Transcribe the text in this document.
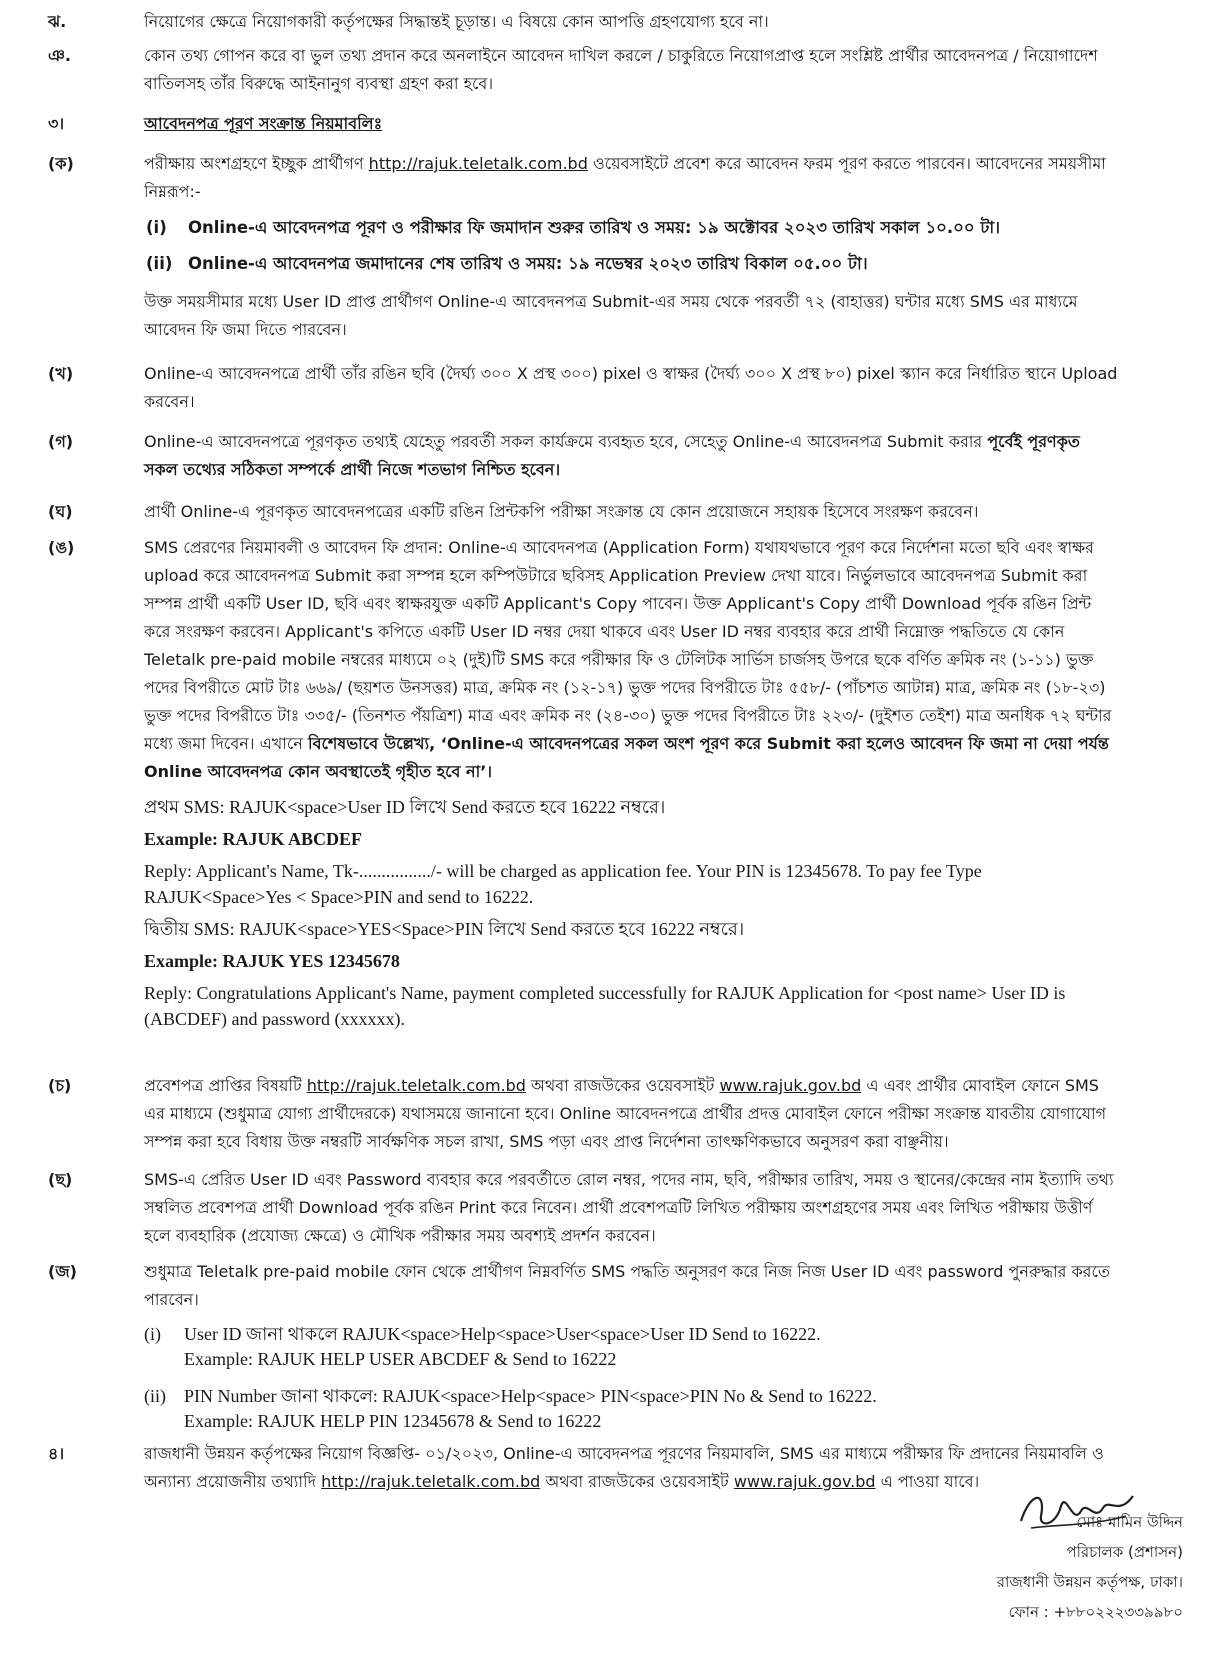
ঝ.	নিয়োগের ক্ষেত্রে নিয়োগকারী কর্তৃপক্ষের সিদ্ধান্তই চূড়ান্ত। এ বিষয়ে কোন আপত্তি গ্রহণযোগ্য হবে না।
ঞ.	কোন তথ্য গোপন করে বা ভুল তথ্য প্রদান করে অনলাইনে আবেদন দাখিল করলে / চাকুরিতে নিয়োগপ্রাপ্ত হলে সংশ্লিষ্ট প্রার্থীর আবেদনপত্র / নিয়োগাদেশ বাতিলসহ তাঁর বিরুদ্ধে আইনানুগ ব্যবস্থা গ্রহণ করা হবে।
৩।	আবেদনপত্র পূরণ সংক্রান্ত নিয়মাবলিঃ
(ক)	পরীক্ষায় অংশগ্রহণে ইচ্ছুক প্রার্থীগণ http://rajuk.teletalk.com.bd ওয়েবসাইটে প্রবেশ করে আবেদন ফরম পূরণ করতে পারবেন। আবেদনের সময়সীমা নিম্নরূপ:-
(i) Online-এ আবেদনপত্র পূরণ ও পরীক্ষার ফি জমাদান শুরুর তারিখ ও সময়: ১৯ অক্টোবর ২০২৩ তারিখ সকাল ১০.০০ টা।
(ii) Online-এ আবেদনপত্র জমাদানের শেষ তারিখ ও সময়: ১৯ নভেম্বর ২০২৩ তারিখ বিকাল ০৫.০০ টা।
উক্ত সময়সীমার মধ্যে User ID প্রাপ্ত প্রার্থীগণ Online-এ আবেদনপত্র Submit-এর সময় থেকে পরবর্তী ৭২ (বাহাত্তর) ঘন্টার মধ্যে SMS এর মাধ্যমে আবেদন ফি জমা দিতে পারবেন।
(খ)	Online-এ আবেদনপত্রে প্রার্থী তাঁর রঙিন ছবি (দৈর্ঘ্য ৩০০ X প্রস্থ ৩০০) pixel ও স্বাক্ষর (দৈর্ঘ্য ৩০০ X প্রস্থ ৮০) pixel স্ক্যান করে নির্ধারিত স্থানে Upload করবেন।
(গ)	Online-এ আবেদনপত্রে পূরণকৃত তথ্যই যেহেতু পরবর্তী সকল কার্যক্রমে ব্যবহৃত হবে, সেহেতু Online-এ আবেদনপত্র Submit করার পূর্বেই পূরণকৃত সকল তথ্যের সঠিকতা সম্পর্কে প্রার্থী নিজে শতভাগ নিশ্চিত হবেন।
(ঘ)	প্রার্থী Online-এ পূরণকৃত আবেদনপত্রের একটি রঙিন প্রিন্টকপি পরীক্ষা সংক্রান্ত যে কোন প্রয়োজনে সহায়ক হিসেবে সংরক্ষণ করবেন।
(ঙ)	SMS প্রেরণের নিয়মাবলী ও আবেদন ফি প্রদান: Online-এ আবেদনপত্র (Application Form) যথাযথভাবে পূরণ করে নির্দেশনা মতো ছবি এবং স্বাক্ষর upload করে আবেদনপত্র Submit করা সম্পন্ন হলে কম্পিউটারে ছবিসহ Application Preview দেখা যাবে। নির্ভুলভাবে আবেদনপত্র Submit করা সম্পন্ন প্রার্থী একটি User ID, ছবি এবং স্বাক্ষরযুক্ত একটি Applicant's Copy পাবেন। উক্ত Applicant's Copy প্রার্থী Download পূর্বক রঙিন প্রিন্ট করে সংরক্ষণ করবেন। Applicant's কপিতে একটি User ID নম্বর দেয়া থাকবে এবং User ID নম্বর ব্যবহার করে প্রার্থী নিম্নোক্ত পদ্ধতিতে যে কোন Teletalk pre-paid mobile নম্বরের মাধ্যমে ০২ (দুই)টি SMS করে পরীক্ষার ফি ও টেলিটক সার্ভিস চার্জসহ উপরে ছকে বর্ণিত ক্রমিক নং (১-১১) ভুক্ত পদের বিপরীতে মোট টাঃ ৬৬৯/ (ছয়শত উনসত্তর) মাত্র, ক্রমিক নং (১২-১৭) ভুক্ত পদের বিপরীতে টাঃ ৫৫৮/- (পাঁচশত আটান্ন) মাত্র, ক্রমিক নং (১৮-২৩) ভুক্ত পদের বিপরীতে টাঃ ৩৩৫/- (তিনশত পঁয়ত্রিশ) মাত্র এবং ক্রমিক নং (২৪-৩০) ভুক্ত পদের বিপরীতে টাঃ ২২৩/- (দুইশত তেইশ) মাত্র অনধিক ৭২ ঘন্টার মধ্যে জমা দিবেন। এখানে বিশেষভাবে উল্লেখ্য, ‘Online-এ আবেদনপত্রের সকল অংশ পূরণ করে Submit করা হলেও আবেদন ফি জমা না দেয়া পর্যন্ত Online আবেদনপত্র কোন অবস্থাতেই গৃহীত হবে না’।

প্রথম SMS: RAJUK<space>User ID লিখে Send করতে হবে 16222 নম্বরে।

Example: RAJUK ABCDEF

Reply: Applicant's Name, Tk-................/- will be charged as application fee. Your PIN is 12345678. To pay fee Type RAJUK<Space>Yes < Space>PIN and send to 16222.

দ্বিতীয় SMS: RAJUK<space>YES<Space>PIN লিখে Send করতে হবে 16222 নম্বরে।

Example: RAJUK YES 12345678

Reply: Congratulations Applicant's Name, payment completed successfully for RAJUK Application for <post name> User ID is (ABCDEF) and password (xxxxxx).

(চ)	প্রবেশপত্র প্রাপ্তির বিষয়টি http://rajuk.teletalk.com.bd অথবা রাজউকের ওয়েবসাইট www.rajuk.gov.bd এ এবং প্রার্থীর মোবাইল ফোনে SMS এর মাধ্যমে (শুধুমাত্র যোগ্য প্রার্থীদেরকে) যথাসময়ে জানানো হবে। Online আবেদনপত্রে প্রার্থীর প্রদত্ত মোবাইল ফোনে পরীক্ষা সংক্রান্ত যাবতীয় যোগাযোগ সম্পন্ন করা হবে বিধায় উক্ত নম্বরটি সার্বক্ষণিক সচল রাখা, SMS পড়া এবং প্রাপ্ত নির্দেশনা তাৎক্ষণিকভাবে অনুসরণ করা বাঞ্ছনীয়।
(ছ)	SMS-এ প্রেরিত User ID এবং Password ব্যবহার করে পরবর্তীতে রোল নম্বর, পদের নাম, ছবি, পরীক্ষার তারিখ, সময় ও স্থানের/কেন্দ্রের নাম ইত্যাদি তথ্য সম্বলিত প্রবেশপত্র প্রার্থী Download পূর্বক রঙিন Print করে নিবেন। প্রার্থী প্রবেশপত্রটি লিখিত পরীক্ষায় অংশগ্রহণের সময় এবং লিখিত পরীক্ষায় উত্তীর্ণ হলে ব্যবহারিক (প্রযোজ্য ক্ষেত্রে) ও মৌখিক পরীক্ষার সময় অবশ্যই প্রদর্শন করবেন।
(জ)	শুধুমাত্র Teletalk pre-paid mobile ফোন থেকে প্রার্থীগণ নিম্নবর্ণিত SMS পদ্ধতি অনুসরণ করে নিজ নিজ User ID এবং password পুনরুদ্ধার করতে পারবেন।
(i) User ID জানা থাকলে RAJUK<space>Help<space>User<space>User ID Send to 16222.
Example: RAJUK HELP USER ABCDEF & Send to 16222
(ii) PIN Number জানা থাকলে: RAJUK<space>Help<space> PIN<space>PIN No & Send to 16222.
Example: RAJUK HELP PIN 12345678 & Send to 16222
৪।	রাজধানী উন্নয়ন কর্তৃপক্ষের নিয়োগ বিজ্ঞপ্তি- ০১/২০২৩, Online-এ আবেদনপত্র পূরণের নিয়মাবলি, SMS এর মাধ্যমে পরীক্ষার ফি প্রদানের নিয়মাবলি ও অন্যান্য প্রয়োজনীয় তথ্যাদি http://rajuk.teletalk.com.bd অথবা রাজউকের ওয়েবসাইট www.rajuk.gov.bd এ পাওয়া যাবে।
মোঃ মামিন উদ্দিন
পরিচালক (প্রশাসন)
রাজধানী উন্নয়ন কর্তৃপক্ষ, ঢাকা।
ফোন : +৮৮০২২২৩৩৯৯৮০
